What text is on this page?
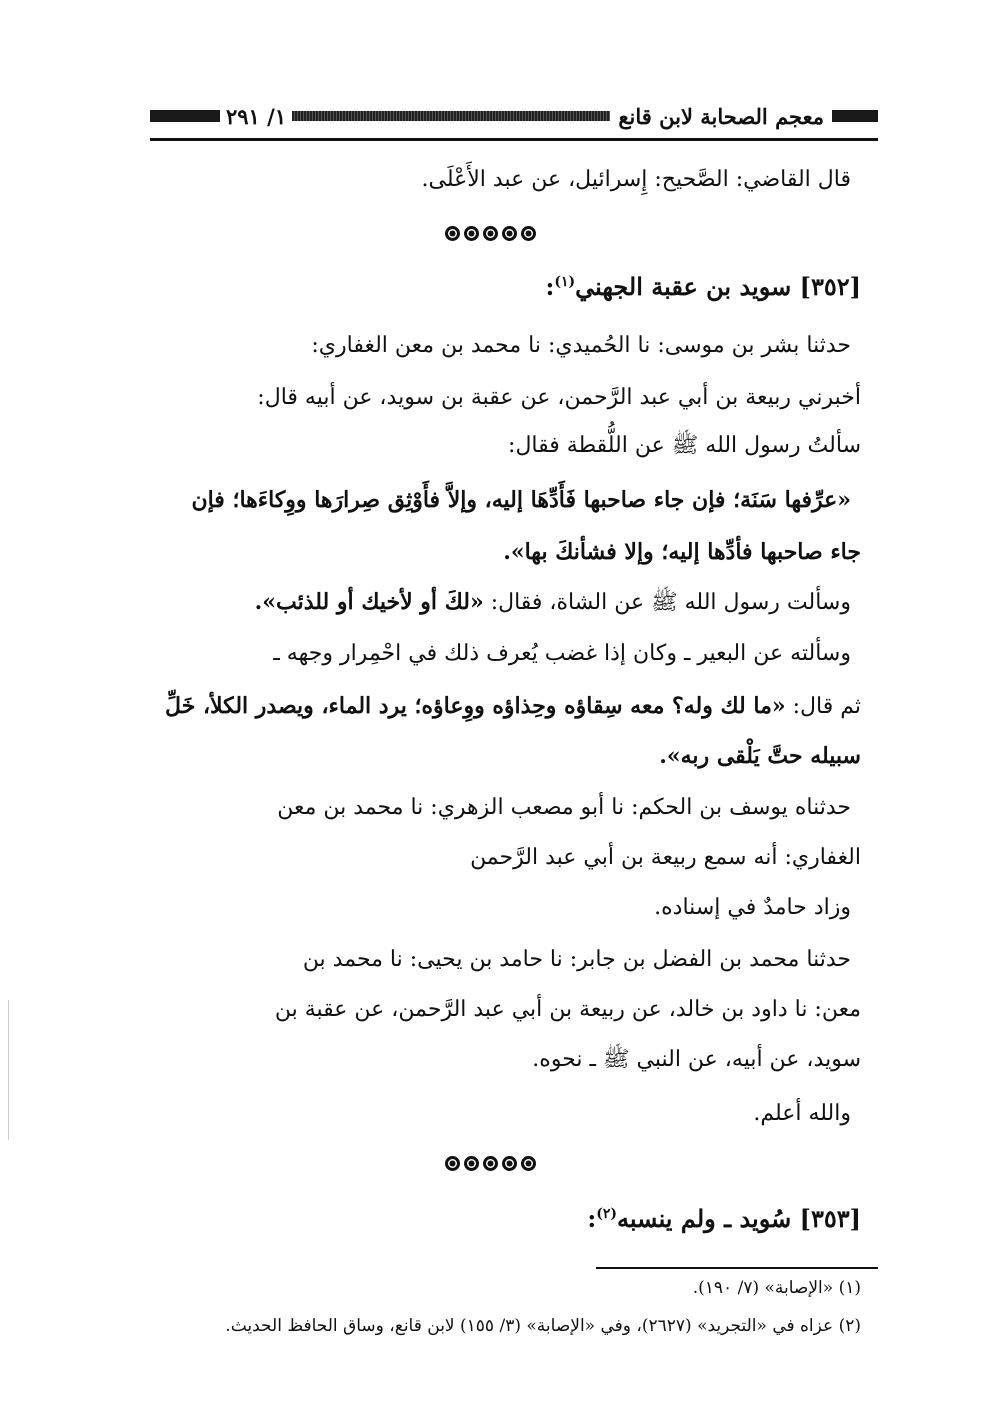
معجم الصحابة لابن قانع
١/ ٢٩١
قال القاضي: الصَّحيح: إِسرائيل، عن عبد الأَعْلَى.
[٣٥٢] سويد بن عقبة الجهني$^{(١)}$:
حدثنا بشر بن موسى: نا الحُميدي: نا محمد بن معن الغفاري:
أخبرني ربيعة بن أبي عبد الرَّحمن، عن عقبة بن سويد، عن أبيه قال:
سألتُ رسول الله ﷺ عن اللُّقطة فقال:
«عرِّفها سَنَة؛ فإن جاء صاحبها فَأَدِّهَا إليه، وإلاَّ فأَوْثِق صِرارَها ووِكاءَها؛ فإن
جاء صاحبها فأدِّها إليه؛ وإلا فشأنكَ بها».
وسألت رسول الله ﷺ عن الشاة، فقال: «لكَ أو لأخيك أو للذئب».
وسألته عن البعير ـ وكان إذا غضب يُعرف ذلك في احْمِرار وجهه ـ
ثم قال: «ما لك وله؟ معه سِقاؤه وحِذاؤه ووِعاؤه؛ يرد الماء، ويصدر الكلأ، خَلِّ
سبيله حتَّ يَلْقى ربه».
حدثناه يوسف بن الحكم: نا أبو مصعب الزهري: نا محمد بن معن
الغفاري: أنه سمع ربيعة بن أبي عبد الرَّحمن
وزاد حامدٌ في إسناده.
حدثنا محمد بن الفضل بن جابر: نا حامد بن يحيى: نا محمد بن
معن: نا داود بن خالد، عن ربيعة بن أبي عبد الرَّحمن، عن عقبة بن
سويد، عن أبيه، عن النبي ﷺ ـ نحوه.
والله أعلم.
[٣٥٣] سُويد ـ ولم ينسبه$^{(٢)}$:
(١) «الإصابة» (٧/ ١٩٠).
(٢) عزاه في «التجريد» (٢٦٢٧)، وفي «الإصابة» (٣/ ١٥٥) لابن قانع، وساق الحافظ الحديث.
